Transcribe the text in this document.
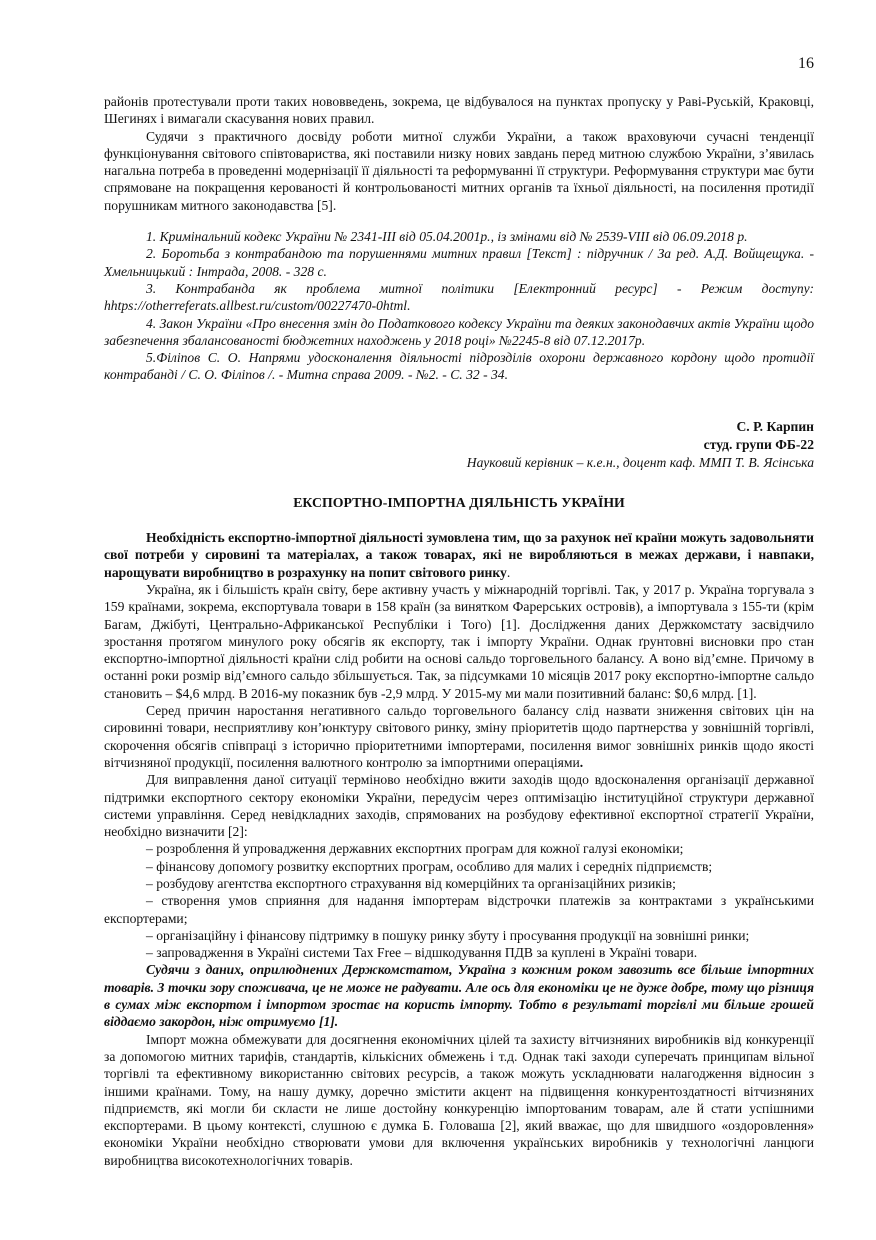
16

районів протестували проти таких нововведень, зокрема, це відбувалося на пунктах пропуску у Раві-Руській, Краковці, Шегинях і вимагали скасування нових правил.

Судячи з практичного досвіду роботи митної служби України, а також враховуючи сучасні тенденції функціонування світового співтовариства, які поставили низку нових завдань перед митною службою України, з’явилась нагальна потреба в проведенні модернізації її діяльності та реформуванні її структури. Реформування структури має бути спрямоване на покращення керованості й контрольованості митних органів та їхньої діяльності, на посилення протидії порушникам митного законодавства [5].

1. Кримінальний кодекс України № 2341-ІІІ від 05.04.2001р., із змінами від № 2539-VIII від 06.09.2018 р.

2. Боротьба з контрабандою та порушеннями митних правил [Текст] : підручник / За ред. А.Д. Войщещука. - Хмельницький : Інтрада, 2008. - 328 с.

3. Контрабанда як проблема митної політики [Електронний ресурс] - Режим доступу: hhtps://otherreferats.allbest.ru/custom/00227470-0html.

4. Закон України «Про внесення змін до Податкового кодексу України та деяких законодавчих актів України щодо забезпечення збалансованості бюджетних находжень у 2018 році» №2245-8 від 07.12.2017р.

5.Філіпов С. О. Напрями удосконалення діяльності підрозділів охорони державного кордону щодо протидії контрабанді / С. О. Філіпов /. - Митна справа 2009. - №2. - С. 32 - 34.

С. Р. Карпин
студ. групи ФБ-22
Науковий керівник – к.е.н., доцент каф. ММП Т. В. Ясінська
ЕКСПОРТНО-ІМПОРТНА ДІЯЛЬНІСТЬ УКРАЇНИ

Необхідність експортно-імпортної діяльності зумовлена тим, що за рахунок неї країни можуть задовольняти свої потреби у сировині та матеріалах, а також товарах, які не виробляються в межах держави, і навпаки, нарощувати виробництво в розрахунку на попит світового ринку.

Україна, як і більшість країн світу, бере активну участь у міжнародній торгівлі. Так, у 2017 р. Україна торгувала з 159 країнами, зокрема, експортувала товари в 158 країн (за винятком Фарерських островів), а імпортувала з 155-ти (крім Багам, Джібуті, Центрально-Африканської Республіки і Того) [1]. Дослідження даних Держкомстату засвідчило зростання протягом минулого року обсягів як експорту, так і імпорту України. Однак ґрунтовні висновки про стан експортно-імпортної діяльності країни слід робити на основі сальдо торговельного балансу. А воно від’ємне. Причому в останні роки розмір від’ємного сальдо збільшується. Так, за підсумками 10 місяців 2017 року експортно-імпортне сальдо становить – $4,6 млрд. В 2016-му показник був -2,9 млрд. У 2015-му ми мали позитивний баланс: $0,6 млрд. [1].

Серед причин наростання негативного сальдо торговельного балансу слід назвати зниження світових цін на сировинні товари, несприятливу кон’юнктуру світового ринку, зміну пріоритетів щодо партнерства у зовнішній торгівлі, скорочення обсягів співпраці з історично пріоритетними імпортерами, посилення вимог зовнішніх ринків щодо якості вітчизняної продукції, посилення валютного контролю за імпортними операціями.

Для виправлення даної ситуації терміново необхідно вжити заходів щодо вдосконалення організації державної підтримки експортного сектору економіки України, передусім через оптимізацію інституційної структури державної системи управління. Серед невідкладних заходів, спрямованих на розбудову ефективної експортної стратегії України, необхідно визначити [2]:

– розроблення й упровадження державних експортних програм для кожної галузі економіки;

– фінансову допомогу розвитку експортних програм, особливо для малих і середніх підприємств;

– розбудову агентства експортного страхування від комерційних та організаційних ризиків;

– створення умов сприяння для надання імпортерам відстрочки платежів за контрактами з українськими експортерами;

– організаційну і фінансову підтримку в пошуку ринку збуту і просування продукції на зовнішні ринки;

– запровадження в Україні системи Tax Free – відшкодування ПДВ за куплені в Україні товари.

Судячи з даних, оприлюднених Держкомстатом, Україна з кожним роком завозить все більше імпортних товарів. З точки зору споживача, це не може не радувати. Але ось для економіки це не дуже добре, тому що різниця в сумах між експортом і імпортом зростає на користь імпорту. Тобто в результаті торгівлі ми більше грошей віддаємо закордон, ніж отримуємо [1].

Імпорт можна обмежувати для досягнення економічних цілей та захисту вітчизняних виробників від конкуренції за допомогою митних тарифів, стандартів, кількісних обмежень і т.д. Однак такі заходи суперечать принципам вільної торгівлі та ефективному використанню світових ресурсів, а також можуть ускладнювати налагодження відносин з іншими країнами. Тому, на нашу думку, доречно змістити акцент на підвищення конкурентоздатності вітчизняних підприємств, які могли би скласти не лише достойну конкуренцію імпортованим товарам, але й стати успішними експортерами. В цьому контексті, слушною є думка Б. Головаша [2], який вважає, що для швидшого «оздоровлення» економіки України необхідно створювати умови для включення українських виробників у технологічні ланцюги виробництва високотехнологічних товарів.
